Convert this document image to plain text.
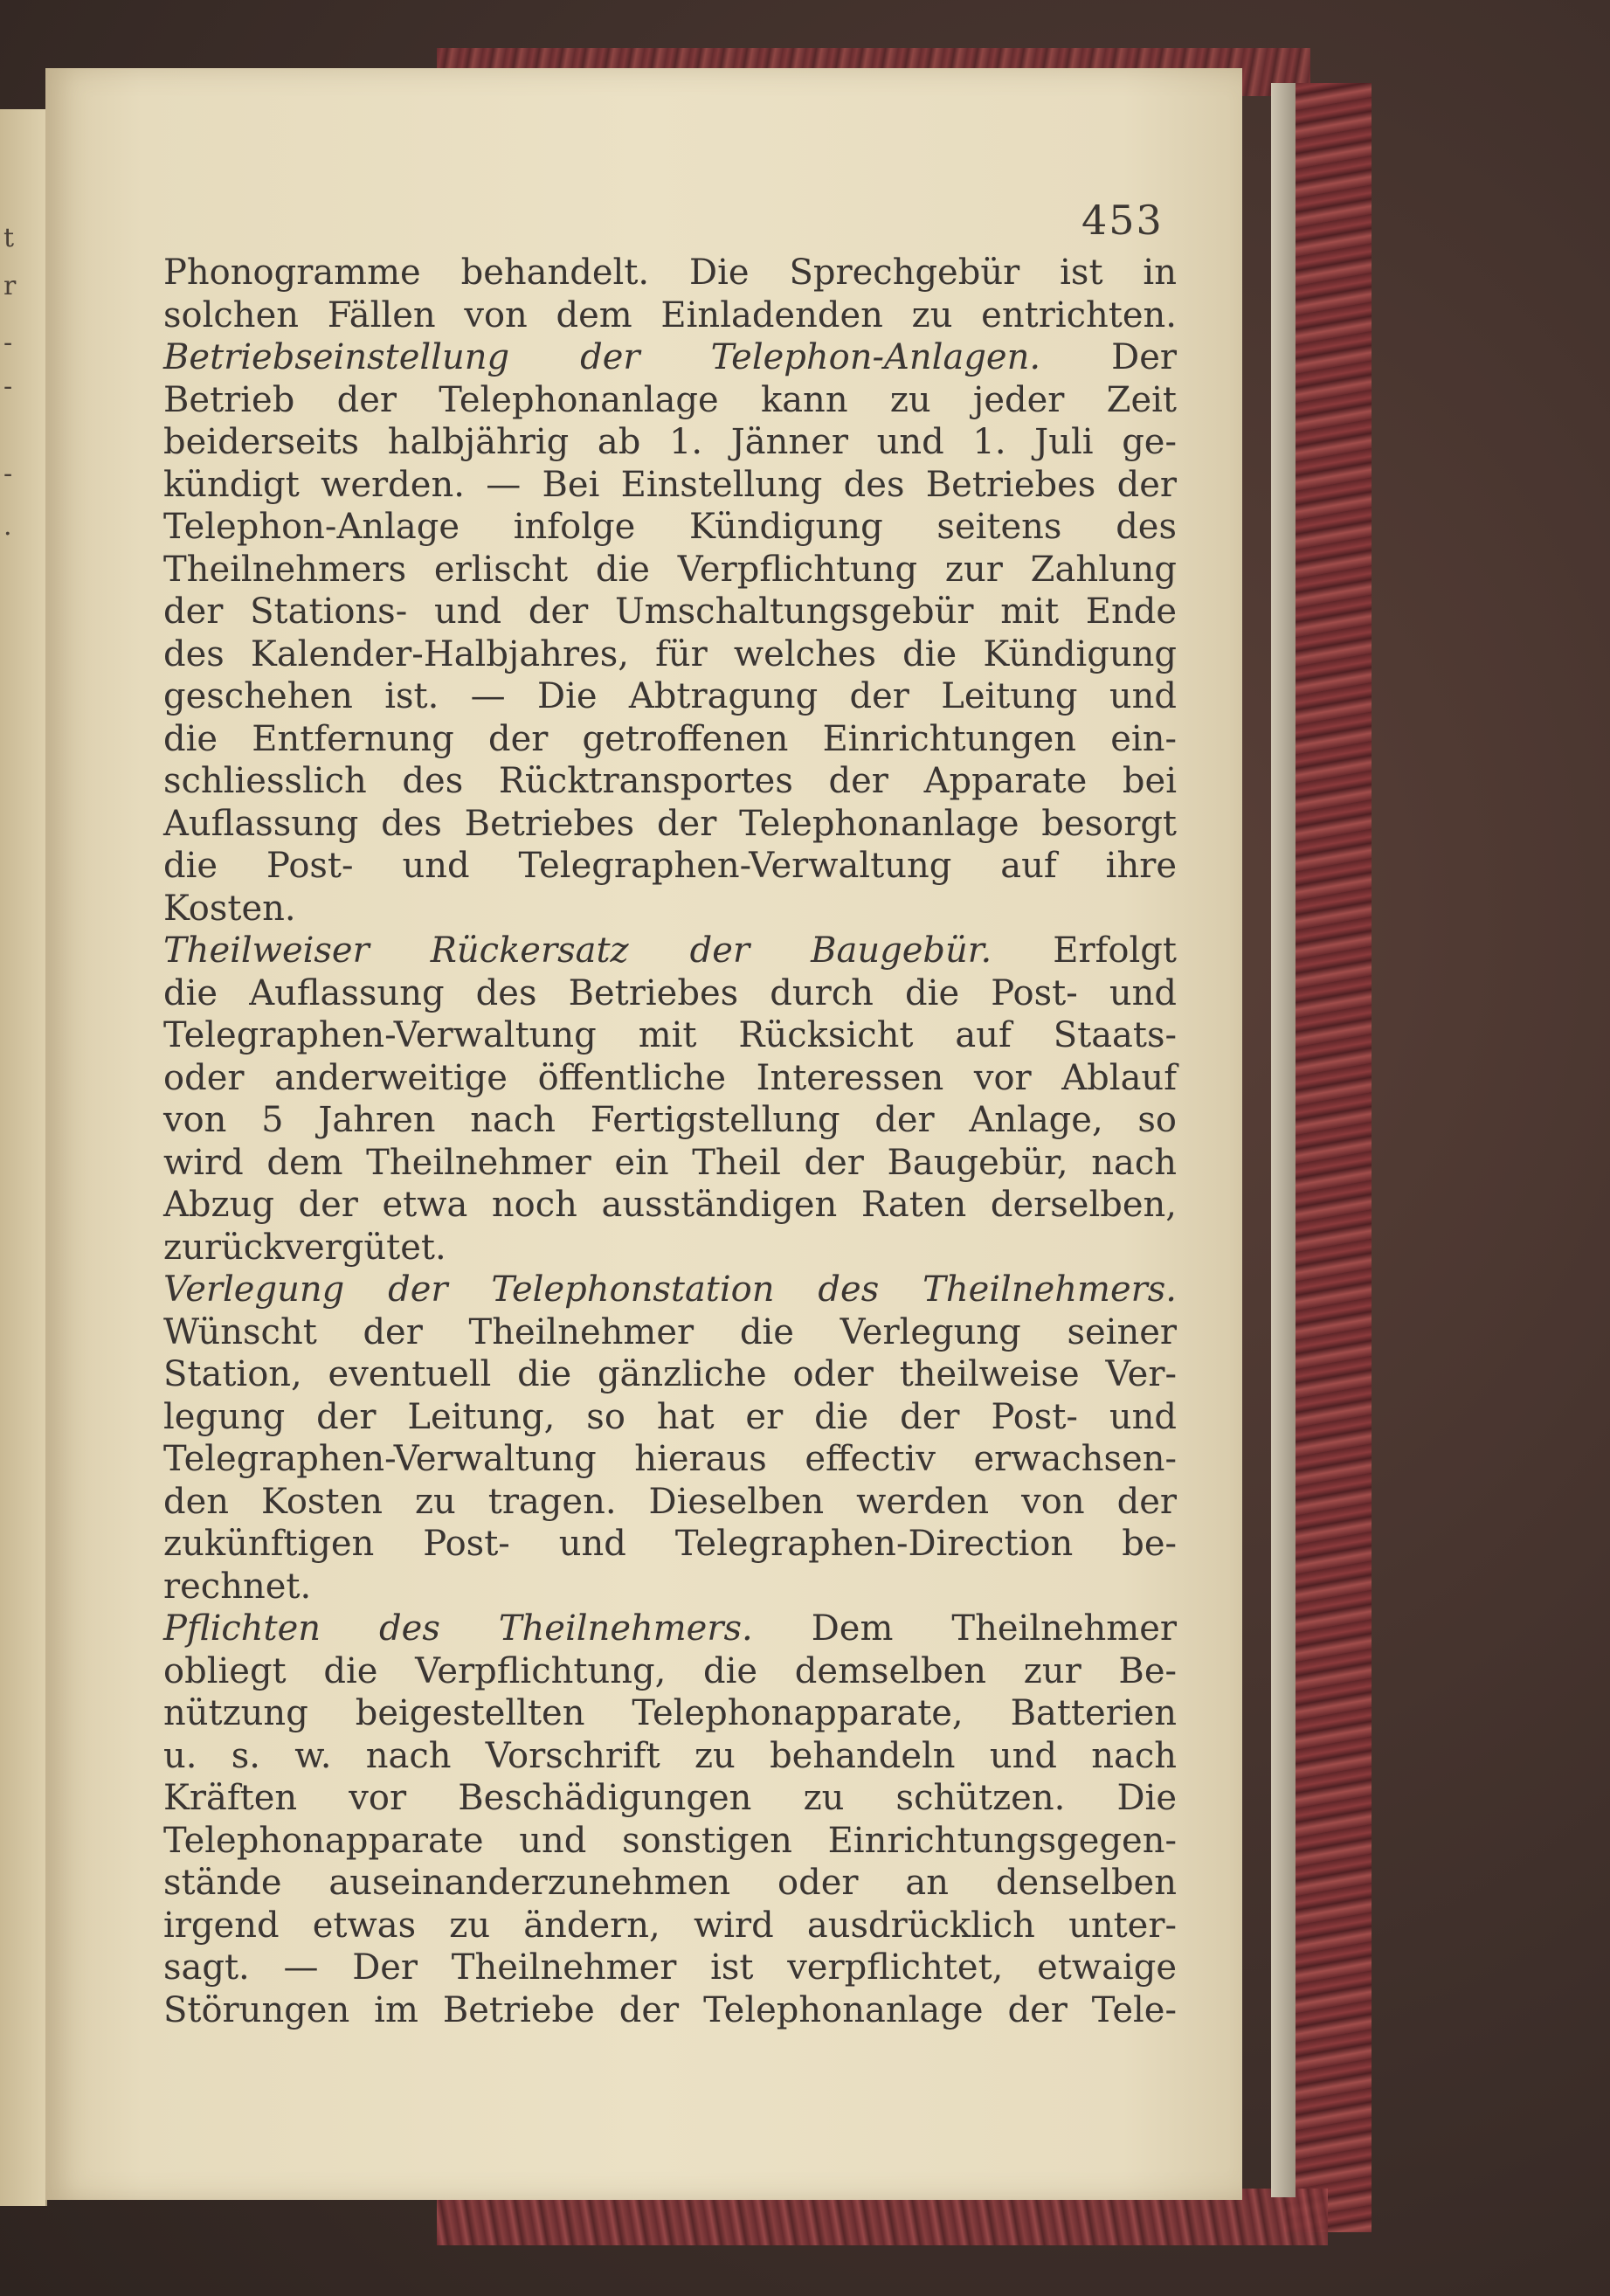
t
r
-
-
-
.
453
Phonogramme behandelt. Die Sprechgebür ist in
solchen Fällen von dem Einladenden zu entrichten.
Betriebseinstellung der Telephon-Anlagen. Der
Betrieb der Telephonanlage kann zu jeder Zeit
beiderseits halbjährig ab 1. Jänner und 1. Juli ge-
kündigt werden. — Bei Einstellung des Betriebes der
Telephon-Anlage infolge Kündigung seitens des
Theilnehmers erlischt die Verpflichtung zur Zahlung
der Stations- und der Umschaltungsgebür mit Ende
des Kalender-Halbjahres, für welches die Kündigung
geschehen ist. — Die Abtragung der Leitung und
die Entfernung der getroffenen Einrichtungen ein-
schliesslich des Rücktransportes der Apparate bei
Auflassung des Betriebes der Telephonanlage besorgt
die Post- und Telegraphen-Verwaltung auf ihre
Kosten.
Theilweiser Rückersatz der Baugebür. Erfolgt
die Auflassung des Betriebes durch die Post- und
Telegraphen-Verwaltung mit Rücksicht auf Staats-
oder anderweitige öffentliche Interessen vor Ablauf
von 5 Jahren nach Fertigstellung der Anlage, so
wird dem Theilnehmer ein Theil der Baugebür, nach
Abzug der etwa noch ausständigen Raten derselben,
zurückvergütet.
Verlegung der Telephonstation des Theilnehmers.
Wünscht der Theilnehmer die Verlegung seiner
Station, eventuell die gänzliche oder theilweise Ver-
legung der Leitung, so hat er die der Post- und
Telegraphen-Verwaltung hieraus effectiv erwachsen-
den Kosten zu tragen. Dieselben werden von der
zukünftigen Post- und Telegraphen-Direction be-
rechnet.
Pflichten des Theilnehmers. Dem Theilnehmer
obliegt die Verpflichtung, die demselben zur Be-
nützung beigestellten Telephonapparate, Batterien
u. s. w. nach Vorschrift zu behandeln und nach
Kräften vor Beschädigungen zu schützen. Die
Telephonapparate und sonstigen Einrichtungsgegen-
stände auseinanderzunehmen oder an denselben
irgend etwas zu ändern, wird ausdrücklich unter-
sagt. — Der Theilnehmer ist verpflichtet, etwaige
Störungen im Betriebe der Telephonanlage der Tele-
